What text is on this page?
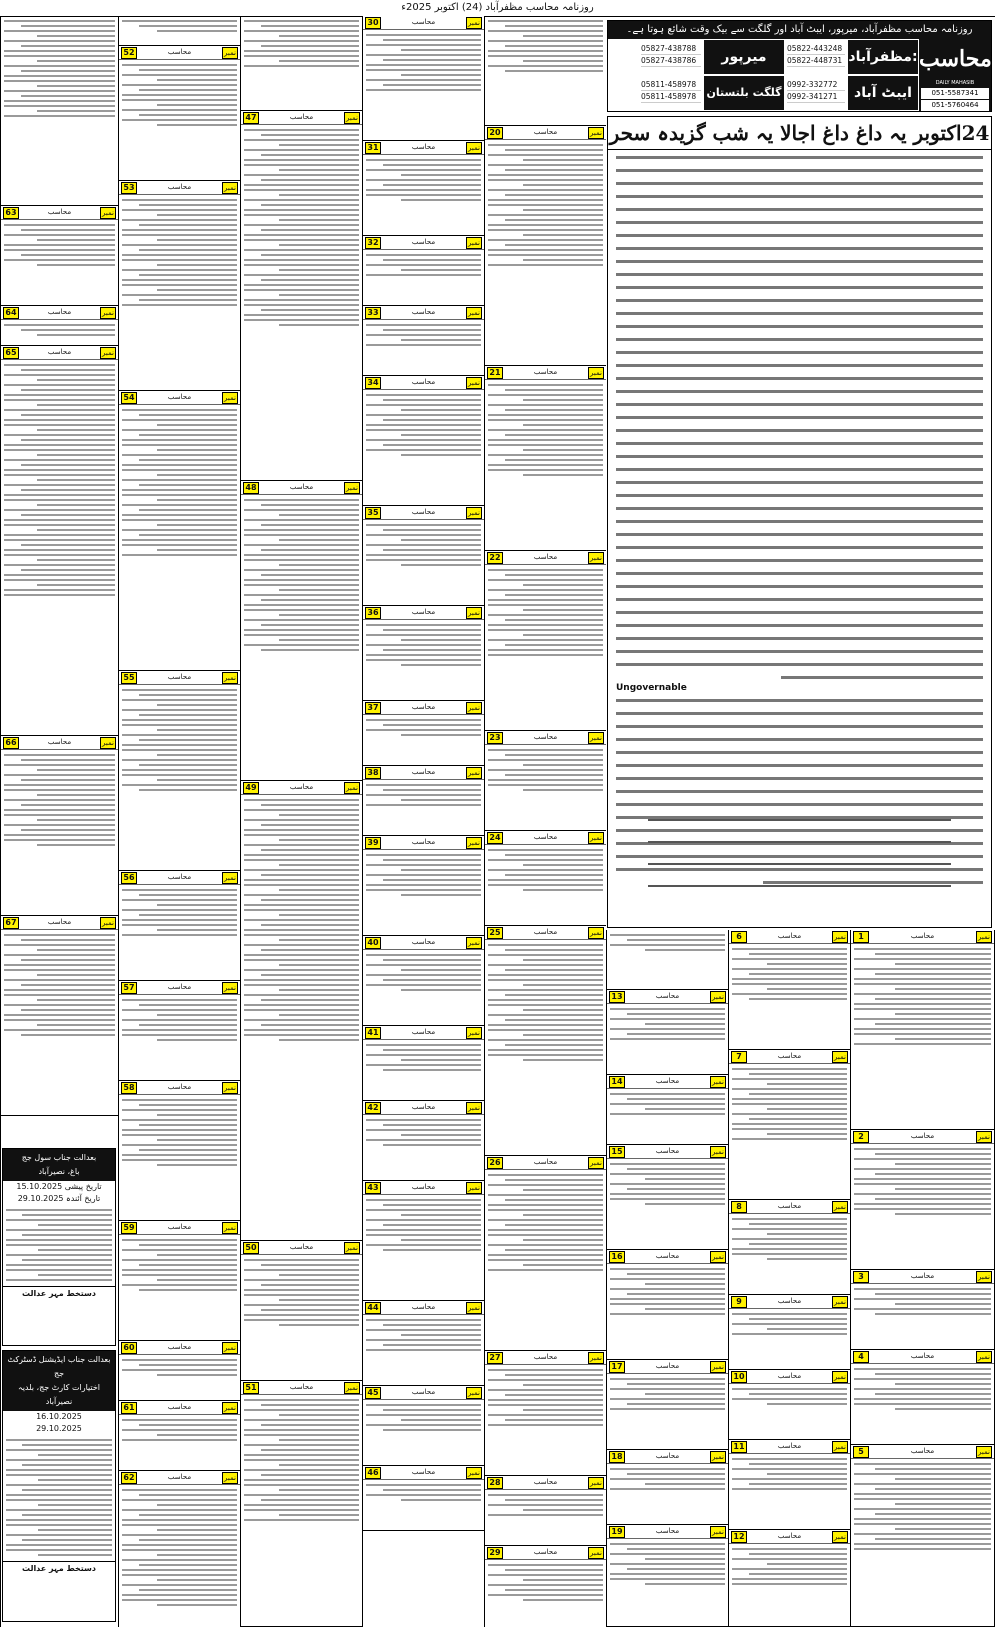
روزنامہ محاسب مظفرآباد (24) اکتوبر 2025ء
63	محاسب	نمبر
64	محاسب	نمبر
65	محاسب	نمبر
66	محاسب	نمبر
67	محاسب	نمبر
بعدالت جناب سول جج
باغ، نصیرآباد
تاریخ پیشی 15.10.2025
تاریخ آئندہ 29.10.2025
دستخط مہر عدالت
بعدالت جناب ایڈیشنل ڈسٹرکٹ جج
اختیارات کارٹ جج، بلدیہ نصیرآباد
16.10.2025
29.10.2025
دستخط مہر عدالت
52	محاسب	نمبر
53	محاسب	نمبر
54	محاسب	نمبر
55	محاسب	نمبر
56	محاسب	نمبر
57	محاسب	نمبر
58	محاسب	نمبر
59	محاسب	نمبر
60	محاسب	نمبر
61	محاسب	نمبر
62	محاسب	نمبر
47	محاسب	نمبر
48	محاسب	نمبر
49	محاسب	نمبر
50	محاسب	نمبر
51	محاسب	نمبر
30	محاسب	نمبر
31	محاسب	نمبر
32	محاسب	نمبر
33	محاسب	نمبر
34	محاسب	نمبر
35	محاسب	نمبر
36	محاسب	نمبر
37	محاسب	نمبر
38	محاسب	نمبر
39	محاسب	نمبر
40	محاسب	نمبر
41	محاسب	نمبر
42	محاسب	نمبر
43	محاسب	نمبر
44	محاسب	نمبر
45	محاسب	نمبر
46	محاسب	نمبر
20	محاسب	نمبر
21	محاسب	نمبر
22	محاسب	نمبر
23	محاسب	نمبر
24	محاسب	نمبر
25	محاسب	نمبر
26	محاسب	نمبر
27	محاسب	نمبر
28	محاسب	نمبر
29	محاسب	نمبر
روزنامہ محاسب مظفرآباد، میرپور، ایبٹ آباد اور گلگت سے بیک وقت شائع ہوتا ہے۔
محاسب
DAILY MAHASIB
051-5587341
051-5760464
مظفرآباد:
ایبٹ آباد
05822-443248
05822-448731
0992-332772
0992-341271
میرپور
گلگت بلتستان
05827-438788
05827-438786
05811-458978
05811-458978
24اکتوبر یہ داغ داغ اجالا یہ شب گزیدہ سحر
Ungovernable
13	محاسب	نمبر
14	محاسب	نمبر
15	محاسب	نمبر
16	محاسب	نمبر
17	محاسب	نمبر
18	محاسب	نمبر
19	محاسب	نمبر
6	محاسب	نمبر
7	محاسب	نمبر
8	محاسب	نمبر
9	محاسب	نمبر
10	محاسب	نمبر
11	محاسب	نمبر
12	محاسب	نمبر
1	محاسب	نمبر
2	محاسب	نمبر
3	محاسب	نمبر
4	محاسب	نمبر
5	محاسب	نمبر
